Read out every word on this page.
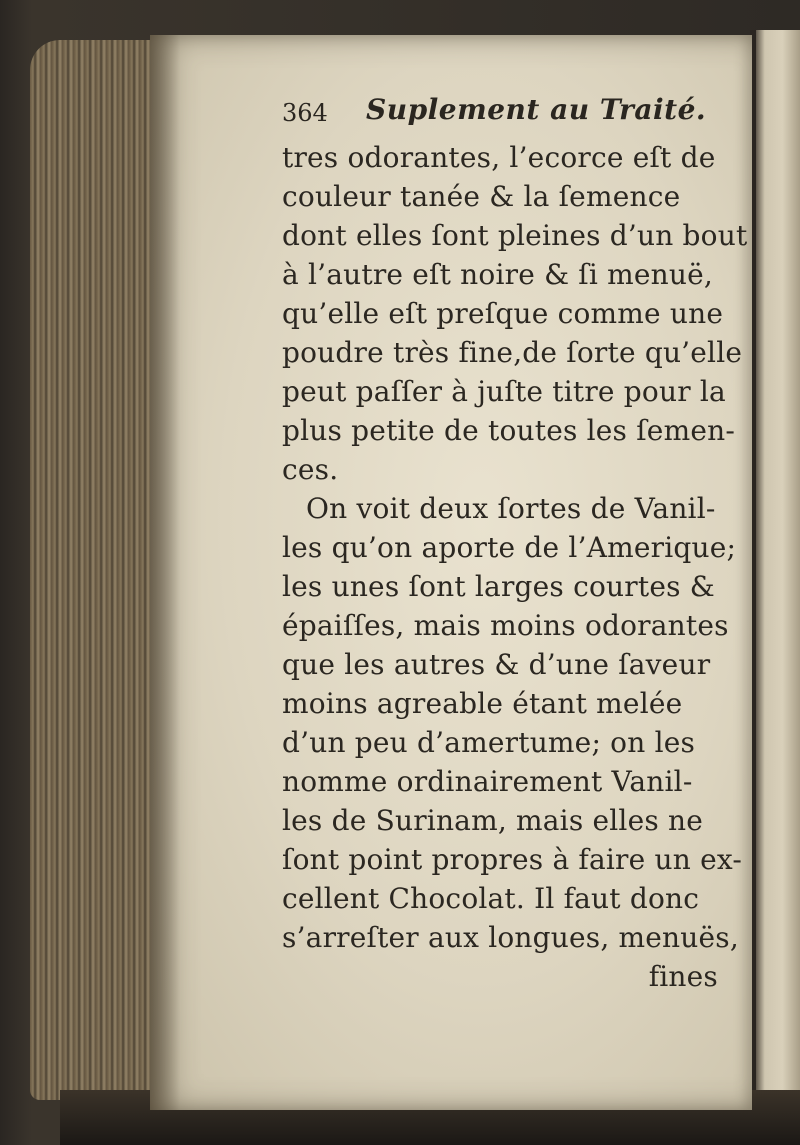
364 Suplement au Traité.
tres odorantes, l’ecorce eſt de
couleur tanée & la ſemence
dont elles ſont pleines d’un bout
à l’autre eſt noire & ſi menuë,
qu’elle eſt preſque comme une
poudre très fine,de ſorte qu’elle
peut paſſer à juſte titre pour la
plus petite de toutes les ſemen-
ces.
On voit deux ſortes de Vanil-
les qu’on aporte de l’Amerique;
les unes ſont larges courtes &
épaiſſes, mais moins odorantes
que les autres & d’une ſaveur
moins agreable étant melée
d’un peu d’amertume; on les
nomme ordinairement Vanil-
les de Surinam, mais elles ne
ſont point propres à faire un ex-
cellent Chocolat. Il faut donc
s’arreſter aux longues, menuës,
fines
